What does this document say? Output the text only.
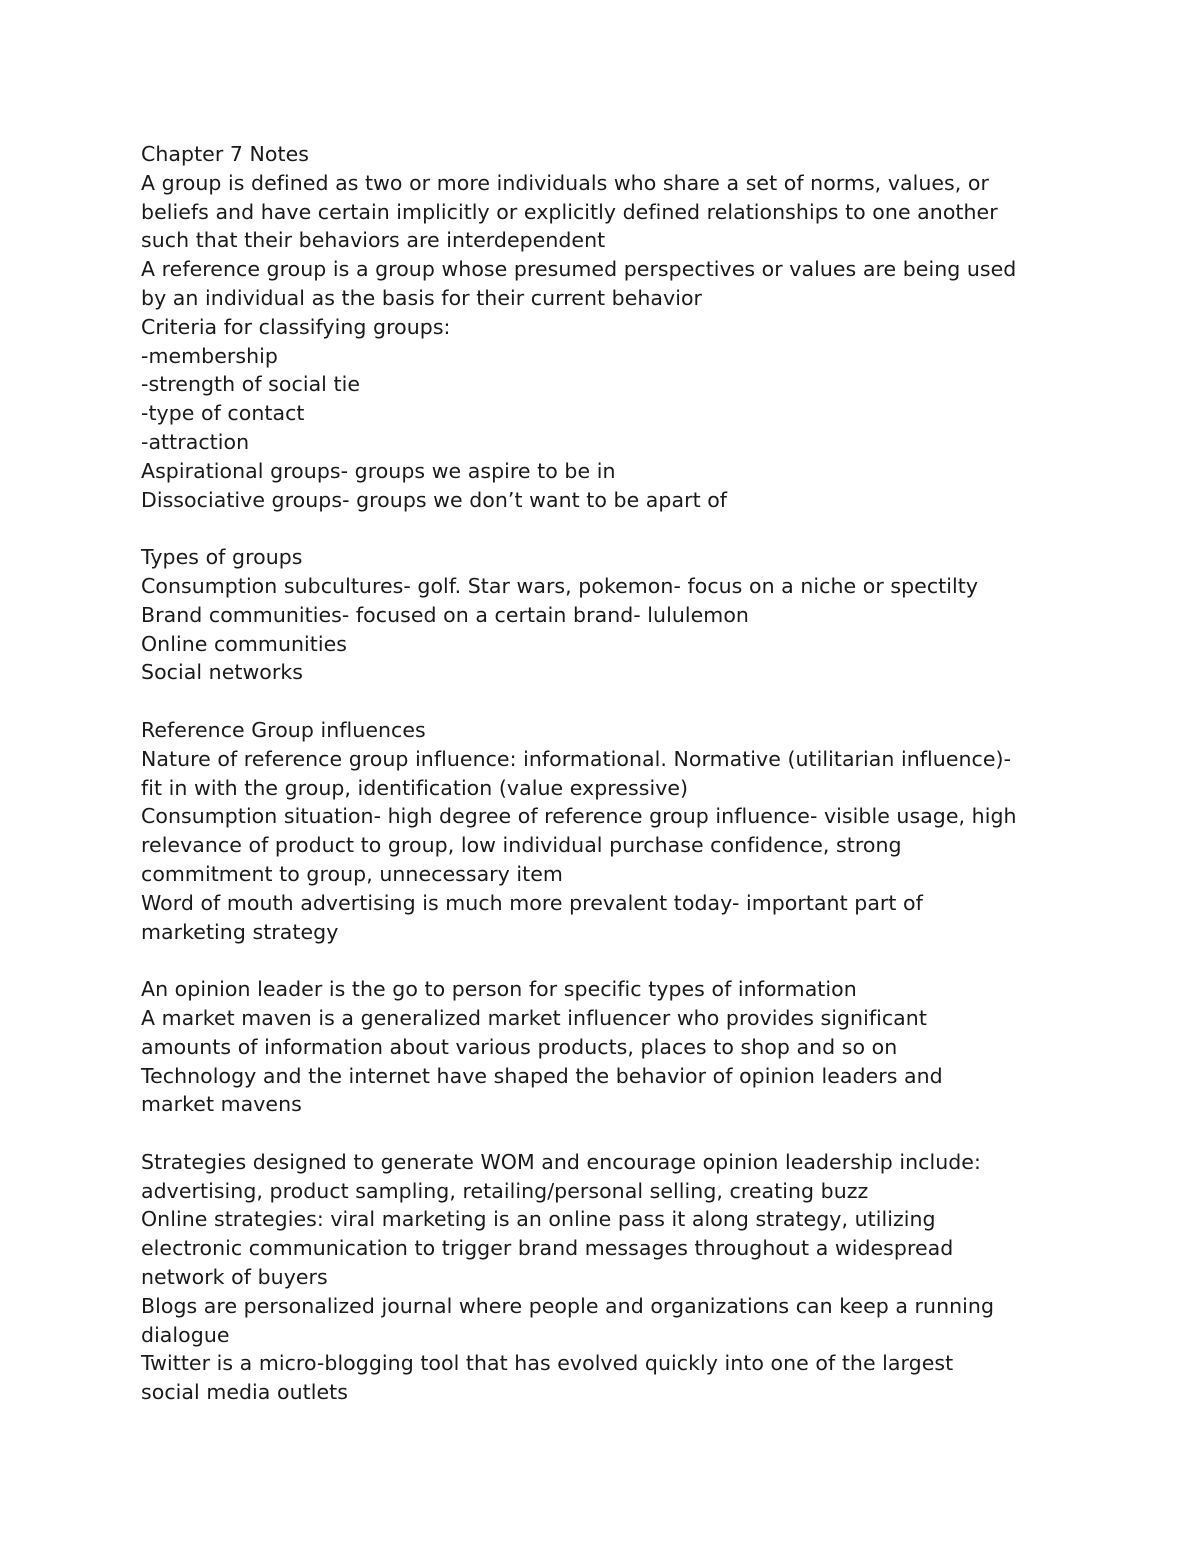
Chapter 7 Notes

A group is defined as two or more individuals who share a set of norms, values, or

beliefs and have certain implicitly or explicitly defined relationships to one another

such that their behaviors are interdependent

A reference group is a group whose presumed perspectives or values are being used

by an individual as the basis for their current behavior

Criteria for classifying groups:

-membership

-strength of social tie

-type of contact

-attraction

Aspirational groups- groups we aspire to be in

Dissociative groups- groups we don’t want to be apart of

Types of groups

Consumption subcultures- golf. Star wars, pokemon- focus on a niche or spectilty

Brand communities- focused on a certain brand- lululemon

Online communities

Social networks

Reference Group influences

Nature of reference group influence: informational. Normative (utilitarian influence)-

fit in with the group, identification (value expressive)

Consumption situation- high degree of reference group influence- visible usage, high

relevance of product to group, low individual purchase confidence, strong

commitment to group, unnecessary item

Word of mouth advertising is much more prevalent today- important part of

marketing strategy

An opinion leader is the go to person for specific types of information

A market maven is a generalized market influencer who provides significant

amounts of information about various products, places to shop and so on

Technology and the internet have shaped the behavior of opinion leaders and

market mavens

Strategies designed to generate WOM and encourage opinion leadership include:

advertising, product sampling, retailing/personal selling, creating buzz

Online strategies: viral marketing is an online pass it along strategy, utilizing

electronic communication to trigger brand messages throughout a widespread

network of buyers

Blogs are personalized journal where people and organizations can keep a running

dialogue

Twitter is a micro-blogging tool that has evolved quickly into one of the largest

social media outlets
